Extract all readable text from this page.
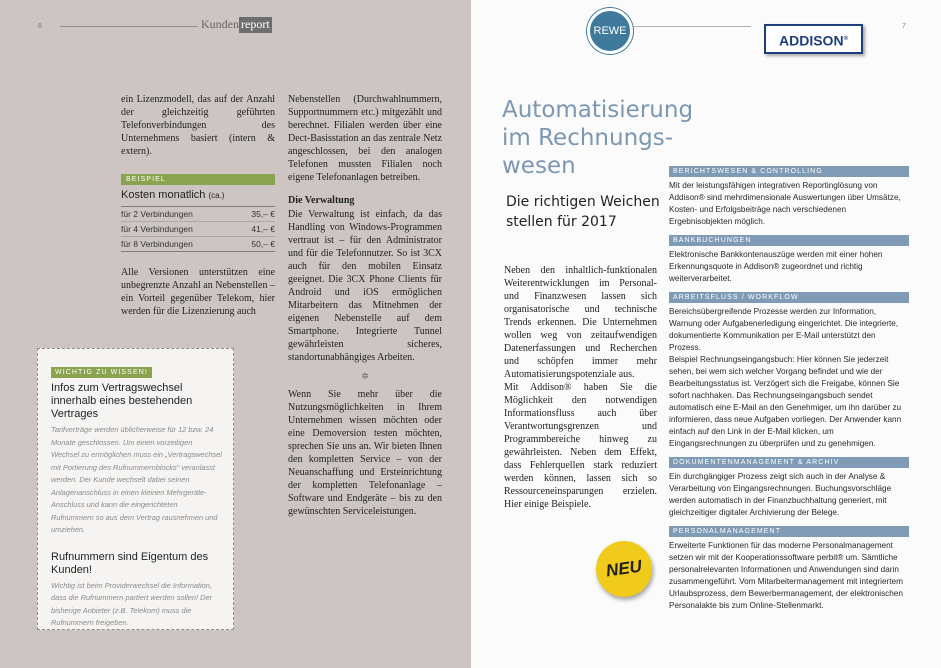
6	Kunden report

ein Lizenzmodell, das auf der Anzahl der gleichzeitig geführten Telefonverbindungen des Unternehmens basiert (intern & extern).

BEISPIEL
Kosten monatlich (ca.)
für 2 Verbindungen	35,– €
für 4 Verbindungen	41,– €
für 8 Verbindungen	50,– €

Alle Versionen unterstützen eine unbegrenzte Anzahl an Nebenstellen – ein Vorteil gegenüber Telekom, hier werden für die Lizenzierung auch

Nebenstellen (Durchwahlnummern, Supportnummern etc.) mitgezählt und berechnet. Filialen werden über eine Dect-Basisstation an das zentrale Netz angeschlossen, bei den analogen Telefonen mussten Filialen noch eigene Telefonanlagen betreiben.

Die Verwaltung

Die Verwaltung ist einfach, da das Handling von Windows-Programmen vertraut ist – für den Administrator und für die Telefonnutzer. So ist 3CX auch für den mobilen Einsatz geeignet. Die 3CX Phone Clients für Android und iOS ermöglichen Mitarbeitern das Mitnehmen der eigenen Nebenstelle auf dem Smartphone. Integrierte Tunnel gewährleisten sicheres, standortunabhängiges Arbeiten.

✲

Wenn Sie mehr über die Nutzungsmöglichkeiten in Ihrem Unternehmen wissen möchten oder eine Demoversion testen möchten, sprechen Sie uns an. Wir bieten Ihnen den kompletten Service – von der Neuanschaffung und Ersteinrichtung der kompletten Telefonanlage – Software und Endgeräte – bis zu den gewünschten Serviceleistungen.

WICHTIG ZU WISSEN!
Infos zum Vertragswechsel innerhalb eines bestehenden Vertrages
Tarifverträge werden üblicherweise für 12 bzw. 24 Monate geschlossen. Um einen vorzeitigen Wechsel zu ermöglichen muss ein „Vertragswechsel mit Portierung des Rufnummernblocks“ veranlasst werden. Der Kunde wechselt dabei seinen Anlagenanschluss in einen kleinen Mehrgeräte-Anschluss und kann die eingerichteten Rufnummern so aus dem Vertrag rausnehmen und umziehen.
Rufnummern sind Eigentum des Kunden!
Wichtig ist beim Providerwechsel die Information, dass die Rufnummern partiert werden sollen! Der bisherige Anbieter (z.B. Telekom) muss die Rufnummern freigeben.
7
REWE
ADDISON®
Automatisierung im Rechnungswesen
Die richtigen Weichen stellen für 2017

Neben den inhaltlich-funktionalen Weiterentwicklungen im Personal- und Finanzwesen lassen sich organisatorische und technische Trends erkennen. Die Unternehmen wollen weg von zeitaufwendigen Datenerfassungen und Recherchen und schöpfen immer mehr Automatisierungspotenziale aus.

Mit Addison® haben Sie die Möglichkeit den notwendigen Informationsfluss auch über Verantwortungsgrenzen und Programmbereiche hinweg zu gewährleisten. Neben dem Effekt, dass Fehlerquellen stark reduziert werden können, lassen sich so Ressourceneinsparungen erzielen. Hier einige Beispiele.

NEU
BERICHTSWESEN & CONTROLLING
Mit der leistungsfähigen integrativen Reportinglösung von Addison® sind mehrdimensionale Auswertungen über Umsätze, Kosten- und Erfolgsbeiträge nach verschiedenen Ergebnisobjekten möglich.
BANKBUCHUNGEN
Elektronische Bankkontenauszüge werden mit einer hohen Erkennungsquote in Addison® zugeordnet und richtig weiterverarbeitet.
ARBEITSFLUSS / WORKFLOW
Bereichsübergreifende Prozesse werden zur Information, Warnung oder Aufgabenerledigung eingerichtet. Die integrierte, dokumentierte Kommunikation per E-Mail unterstützt den Prozess.
Beispiel Rechnungseingangsbuch: Hier können Sie jederzeit sehen, bei wem sich welcher Vorgang befindet und wie der Bearbeitungsstatus ist. Verzögert sich die Freigabe, können Sie sofort nachhaken. Das Rechnungseingangsbuch sendet automatisch eine E-Mail an den Genehmiger, um ihn darüber zu informieren, dass neue Aufgaben vorliegen. Der Anwender kann einfach auf den Link in der E-Mail klicken, um Eingangsrechnungen zu überprüfen und zu genehmigen.
DOKUMENTENMANAGEMENT & ARCHIV
Ein durchgängiger Prozess zeigt sich auch in der Analyse & Verarbeitung von Eingangsrechnungen. Buchungsvorschläge werden automatisch in der Finanzbuchhaltung generiert, mit gleichzeitiger digitaler Archivierung der Belege.
PERSONALMANAGEMENT
Erweiterte Funktionen für das moderne Personalmanagement setzen wir mit der Kooperationssoftware perbit® um. Sämtliche personalrelevanten Informationen und Anwendungen sind darin zusammengeführt. Vom Mitarbeitermanagement mit integriertem Urlaubsprozess, dem Bewerbermanagement, der elektronischen Personalakte bis zum Online-Stellenmarkt.
